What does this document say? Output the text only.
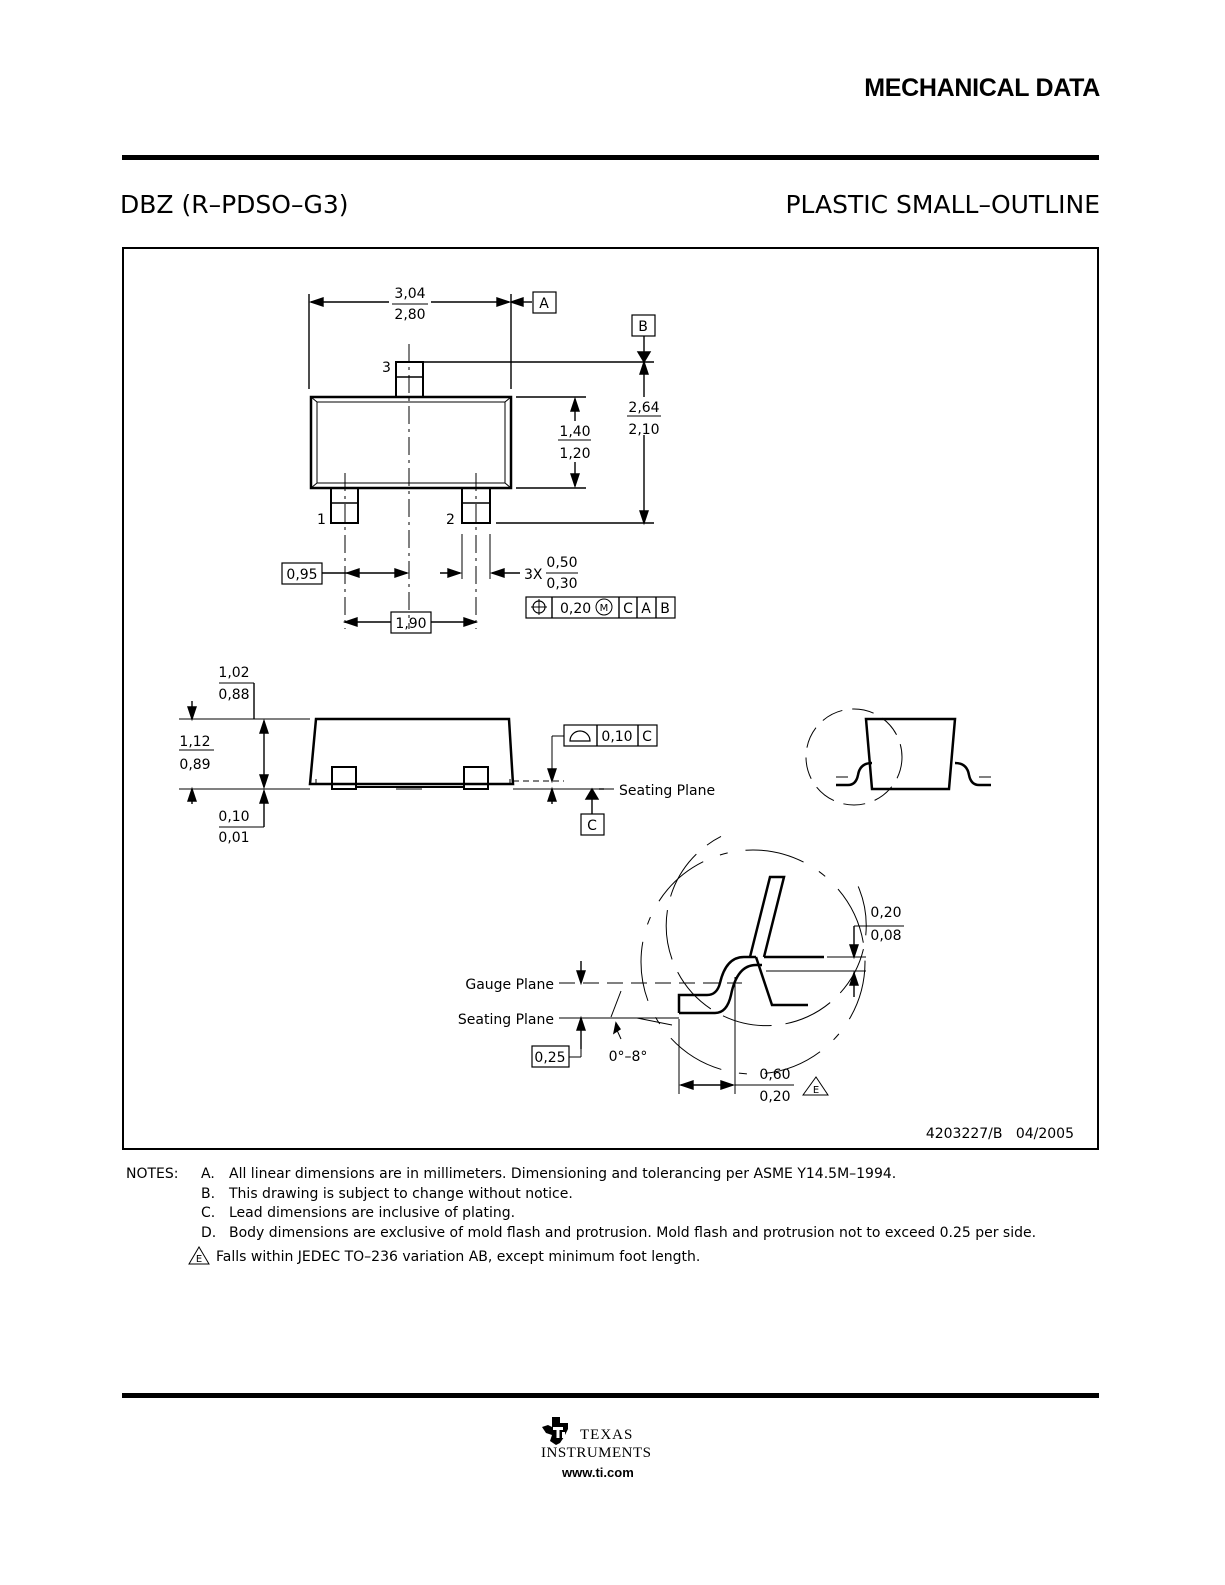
MECHANICAL DATA
DBZ (R–PDSO–G3)	PLASTIC SMALL–OUTLINE
3,04
2,80
A
B
2,64
2,10
1,40
1,20
3
1	2
0,95	3X
0,50
0,30
0,20 M C A B
1,90
1,02
0,88
1,12
0,89
0,10
0,01
0,10 C
C
Seating Plane
0,20
0,08
Gauge Plane
Seating Plane
0,25	0°–8°
0,60
0,20 E
4203227/B   04/2005
NOTES: A. All linear dimensions are in millimeters. Dimensioning and tolerancing per ASME Y14.5M–1994.
B. This drawing is subject to change without notice.
C. Lead dimensions are inclusive of plating.
D. Body dimensions are exclusive of mold flash and protrusion. Mold flash and protrusion not to exceed 0.25 per side.
E Falls within JEDEC TO–236 variation AB, except minimum foot length.
TEXAS
INSTRUMENTS
www.ti.com
